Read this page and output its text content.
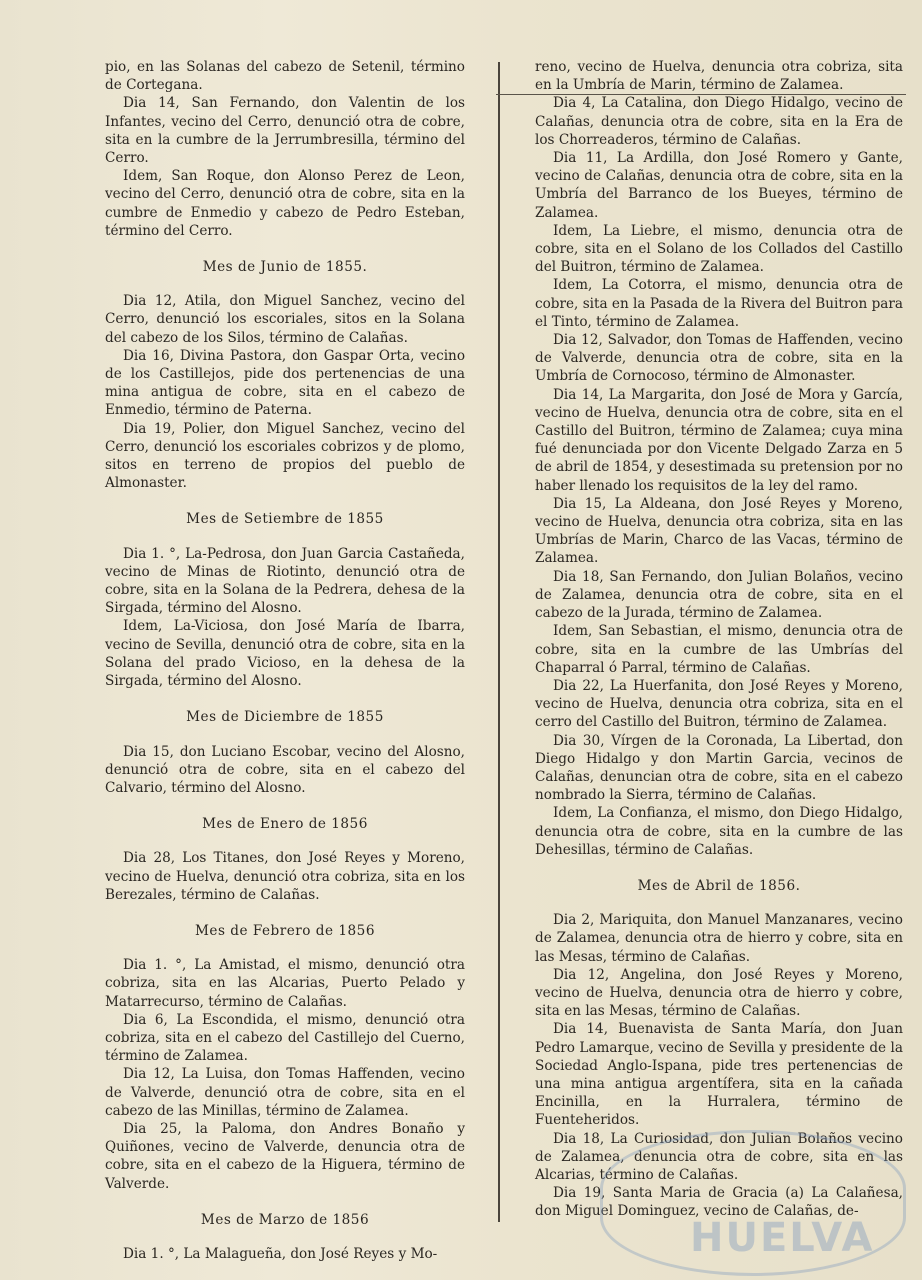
pio, en las Solanas del cabezo de Setenil, término de Cortegana.

Dia 14, San Fernando, don Valentin de los Infantes, vecino del Cerro, denunció otra de cobre, sita en la cumbre de la Jerrumbresilla, término del Cerro.

Idem, San Roque, don Alonso Perez de Leon, vecino del Cerro, denunció otra de cobre, sita en la cumbre de Enmedio y cabezo de Pedro Esteban, término del Cerro.

Mes de Junio de 1855.

Dia 12, Atila, don Miguel Sanchez, vecino del Cerro, denunció los escoriales, sitos en la Solana del cabezo de los Silos, término de Calañas.

Dia 16, Divina Pastora, don Gaspar Orta, vecino de los Castillejos, pide dos pertenencias de una mina antigua de cobre, sita en el cabezo de Enmedio, término de Paterna.

Dia 19, Polier, don Miguel Sanchez, vecino del Cerro, denunció los escoriales cobrizos y de plomo, sitos en terreno de propios del pueblo de Almonaster.

Mes de Setiembre de 1855

Dia 1. °, La-Pedrosa, don Juan Garcia Castañeda, vecino de Minas de Riotinto, denunció otra de cobre, sita en la Solana de la Pedrera, dehesa de la Sirgada, término del Alosno.

Idem, La-Viciosa, don José María de Ibarra, vecino de Sevilla, denunció otra de cobre, sita en la Solana del prado Vicioso, en la dehesa de la Sirgada, término del Alosno.

Mes de Diciembre de 1855

Dia 15, don Luciano Escobar, vecino del Alosno, denunció otra de cobre, sita en el cabezo del Calvario, término del Alosno.

Mes de Enero de 1856

Dia 28, Los Titanes, don José Reyes y Moreno, vecino de Huelva, denunció otra cobriza, sita en los Berezales, término de Calañas.

Mes de Febrero de 1856

Dia 1. °, La Amistad, el mismo, denunció otra cobriza, sita en las Alcarias, Puerto Pelado y Matarrecurso, término de Calañas.

Dia 6, La Escondida, el mismo, denunció otra cobriza, sita en el cabezo del Castillejo del Cuerno, término de Zalamea.

Dia 12, La Luisa, don Tomas Haffenden, vecino de Valverde, denunció otra de cobre, sita en el cabezo de las Minillas, término de Zalamea.

Dia 25, la Paloma, don Andres Bonaño y Quiñones, vecino de Valverde, denuncia otra de cobre, sita en el cabezo de la Higuera, término de Valverde.

Mes de Marzo de 1856

Dia 1. °, La Malagueña, don José Reyes y Mo-

reno, vecino de Huelva, denuncia otra cobriza, sita en la Umbría de Marin, término de Zalamea.

Dia 4, La Catalina, don Diego Hidalgo, vecino de Calañas, denuncia otra de cobre, sita en la Era de los Chorreaderos, término de Calañas.

Dia 11, La Ardilla, don José Romero y Gante, vecino de Calañas, denuncia otra de cobre, sita en la Umbría del Barranco de los Bueyes, término de Zalamea.

Idem, La Liebre, el mismo, denuncia otra de cobre, sita en el Solano de los Collados del Castillo del Buitron, término de Zalamea.

Idem, La Cotorra, el mismo, denuncia otra de cobre, sita en la Pasada de la Rivera del Buitron para el Tinto, término de Zalamea.

Dia 12, Salvador, don Tomas de Haffenden, vecino de Valverde, denuncia otra de cobre, sita en la Umbría de Cornocoso, término de Almonaster.

Dia 14, La Margarita, don José de Mora y García, vecino de Huelva, denuncia otra de cobre, sita en el Castillo del Buitron, término de Zalamea; cuya mina fué denunciada por don Vicente Delgado Zarza en 5 de abril de 1854, y desestimada su pretension por no haber llenado los requisitos de la ley del ramo.

Dia 15, La Aldeana, don José Reyes y Moreno, vecino de Huelva, denuncia otra cobriza, sita en las Umbrías de Marin, Charco de las Vacas, término de Zalamea.

Dia 18, San Fernando, don Julian Bolaños, vecino de Zalamea, denuncia otra de cobre, sita en el cabezo de la Jurada, término de Zalamea.

Idem, San Sebastian, el mismo, denuncia otra de cobre, sita en la cumbre de las Umbrías del Chaparral ó Parral, término de Calañas.

Dia 22, La Huerfanita, don José Reyes y Moreno, vecino de Huelva, denuncia otra cobriza, sita en el cerro del Castillo del Buitron, término de Zalamea.

Dia 30, Vírgen de la Coronada, La Libertad, don Diego Hidalgo y don Martin Garcia, vecinos de Calañas, denuncian otra de cobre, sita en el cabezo nombrado la Sierra, término de Calañas.

Idem, La Confianza, el mismo, don Diego Hidalgo, denuncia otra de cobre, sita en la cumbre de las Dehesillas, término de Calañas.

Mes de Abril de 1856.

Dia 2, Mariquita, don Manuel Manzanares, vecino de Zalamea, denuncia otra de hierro y cobre, sita en las Mesas, término de Calañas.

Dia 12, Angelina, don José Reyes y Moreno, vecino de Huelva, denuncia otra de hierro y cobre, sita en las Mesas, término de Calañas.

Dia 14, Buenavista de Santa María, don Juan Pedro Lamarque, vecino de Sevilla y presidente de la Sociedad Anglo-Ispana, pide tres pertenencias de una mina antigua argentífera, sita en la cañada Encinilla, en la Hurralera, término de Fuenteheridos.

Dia 18, La Curiosidad, don Julian Bolaños vecino de Zalamea, denuncia otra de cobre, sita en las Alcarias, término de Calañas.

Dia 19, Santa Maria de Gracia (a) La Calañesa, don Miguel Dominguez, vecino de Calañas, de-

HUELVA
